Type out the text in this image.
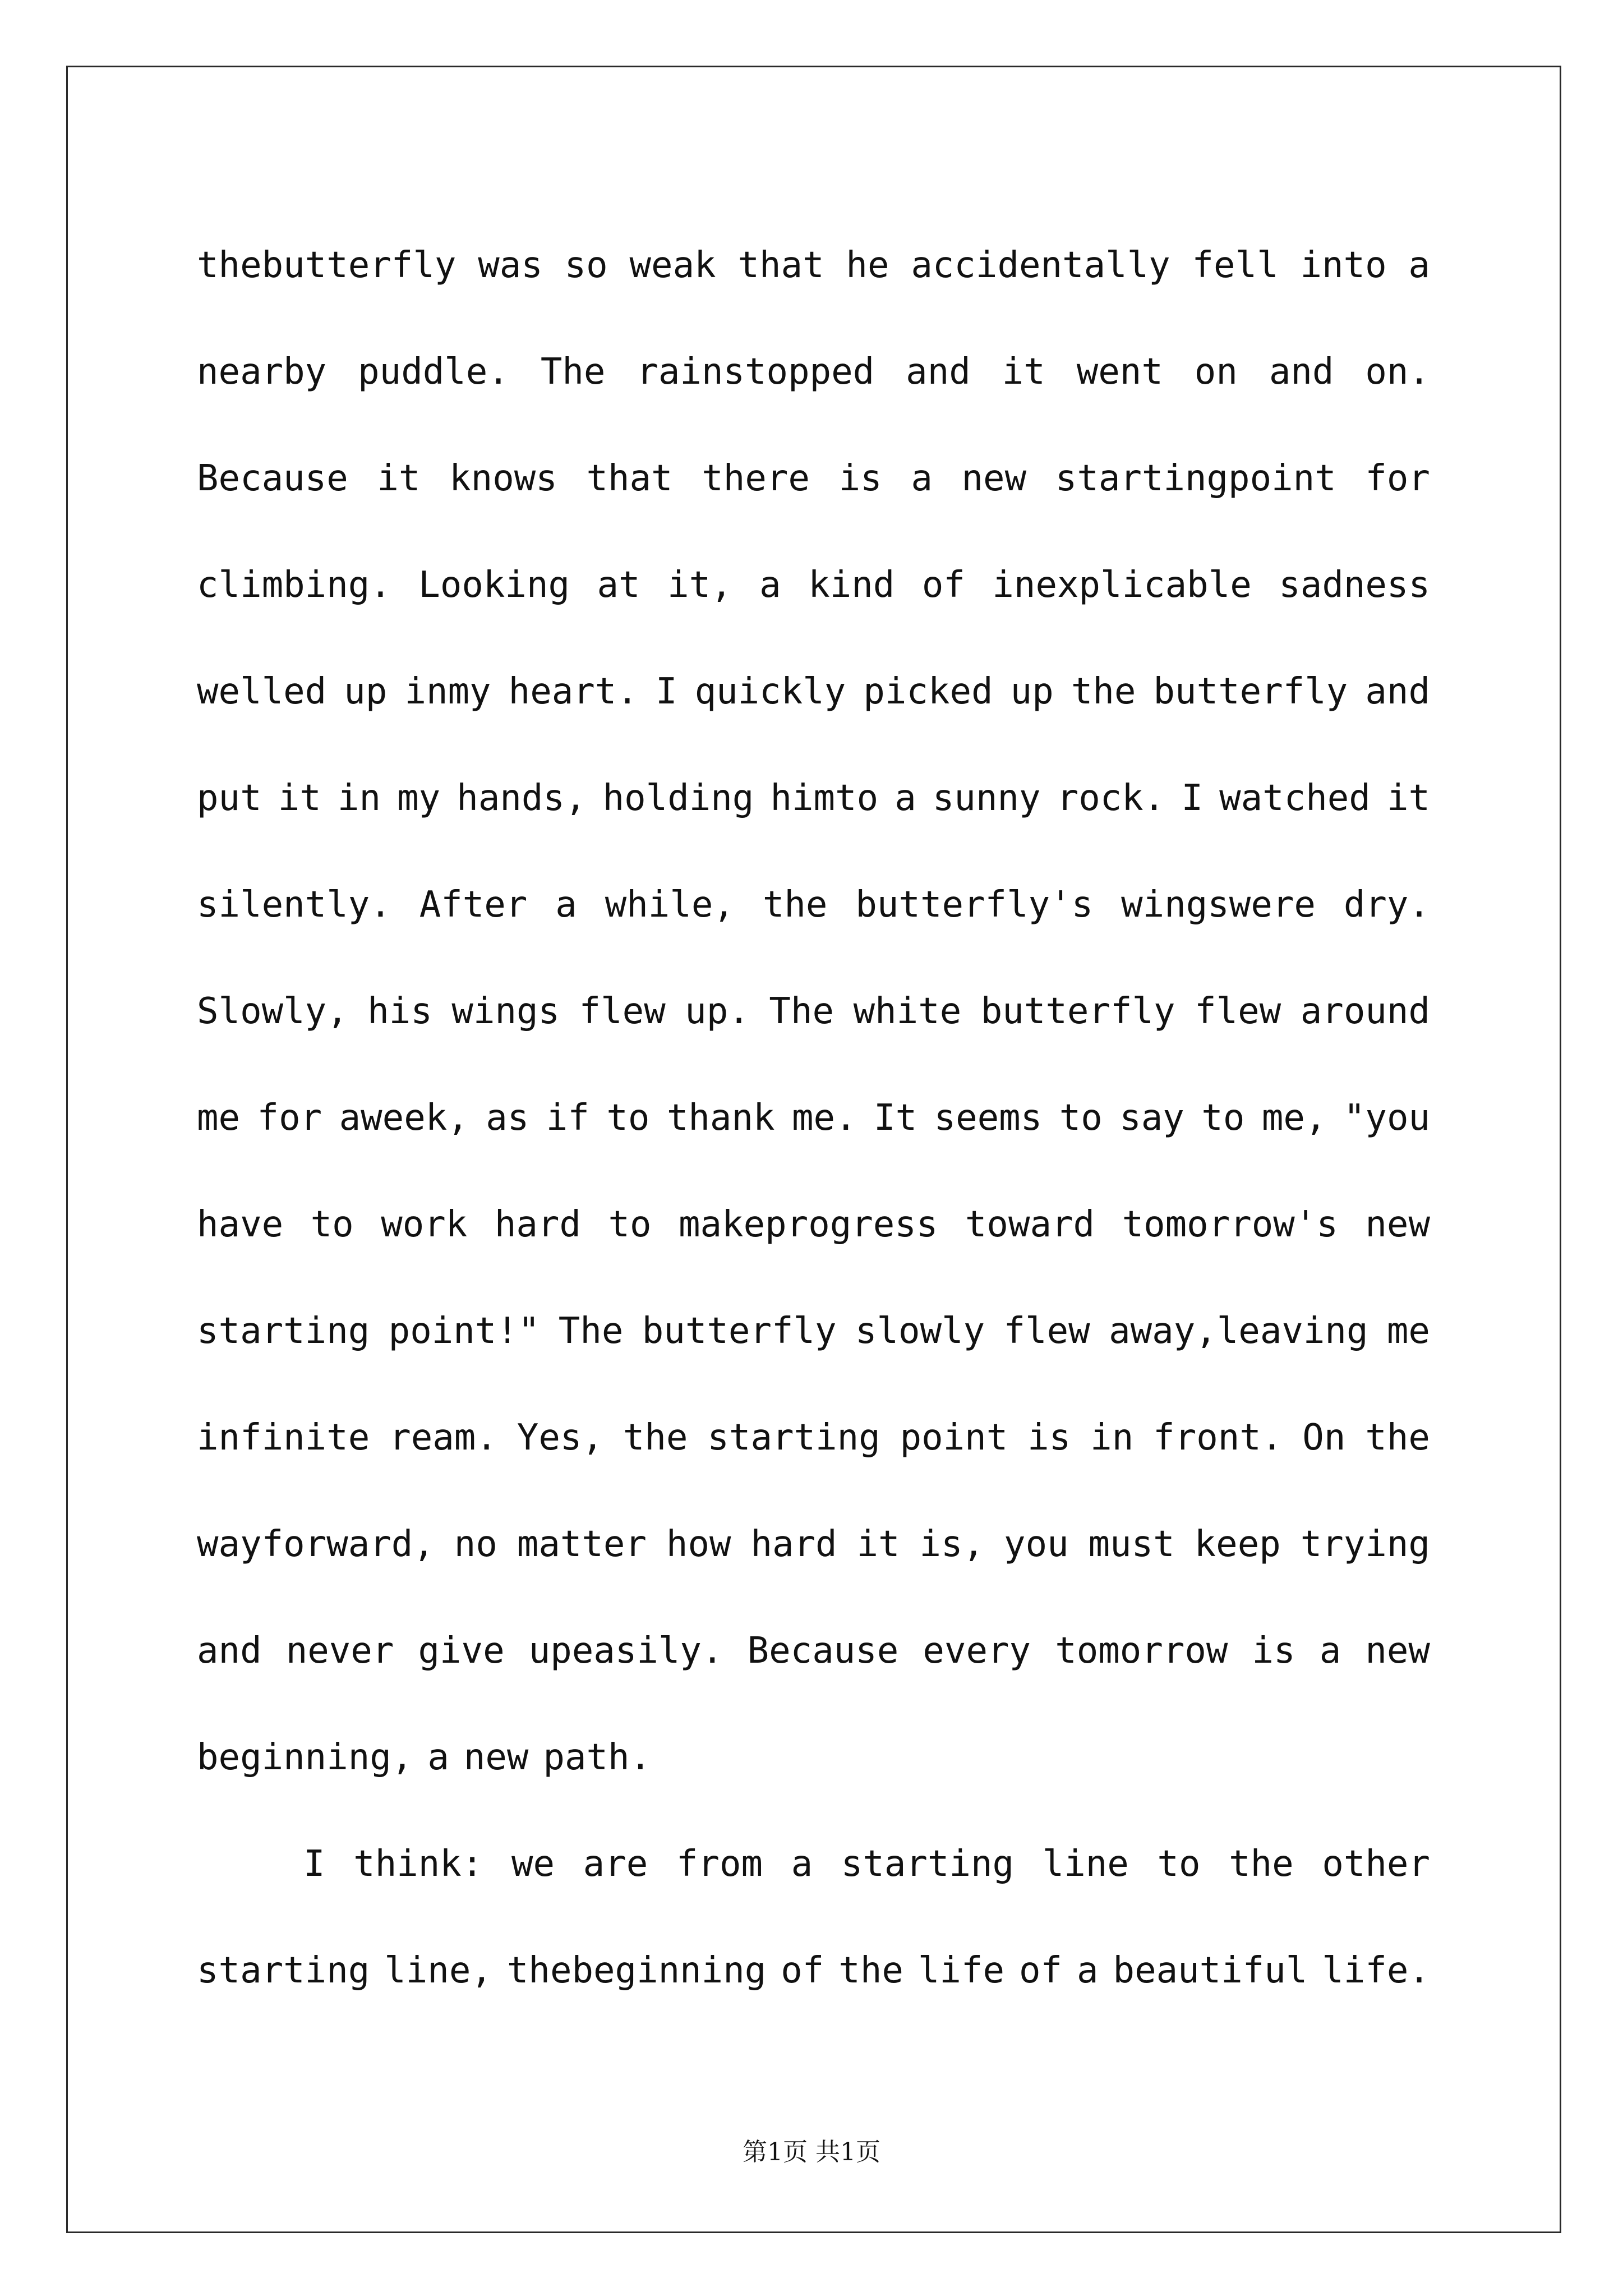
thebutterfly was so weak that he accidentally fell into a
nearby puddle. The rainstopped and it went on and on.
Because it knows that there is a new startingpoint for
climbing. Looking at it, a kind of inexplicable sadness
welled up inmy heart. I quickly picked up the butterfly and
put it in my hands, holding himto a sunny rock. I watched it
silently. After a while, the butterfly's wingswere dry.
Slowly, his wings flew up. The white butterfly flew around
me for aweek, as if to thank me. It seems to say to me, "you
have to work hard to makeprogress toward tomorrow's new
starting point!" The butterfly slowly flew away,leaving me
infinite ream. Yes, the starting point is in front. On the
wayforward, no matter how hard it is, you must keep trying
and never give upeasily. Because every tomorrow is a new
beginning, a new path.
I think: we are from a starting line to the other
starting line, thebeginning of the life of a beautiful life.
第1页 共1页
